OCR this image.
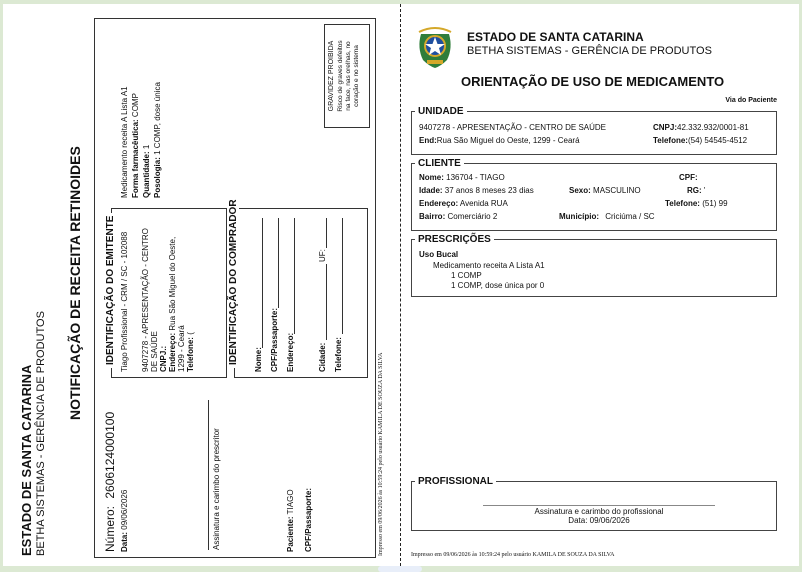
ESTADO DE SANTA CATARINA BETHA SISTEMAS - GERÊNCIA DE PRODUTOS
NOTIFICAÇÃO DE RECEITA RETINOIDES
Número: 2606124000100
Data: 09/06/2026	Assinatura e carimbo do prescritor	Paciente: TIAGO CPF/Passaporte:
IDENTIFICAÇÃO DO EMITENTE Tiago Profissional - CRM / SC - 102088 9407278 - APRESENTAÇÃO - CENTRO DE SAÚDE CNPJ.: Endereço: Rua São Miguel do Oeste,
1299 - Ceará Telefone: (
Medicamento receita A Lista A1 Forma farmacêutica: COMP
Quantidade: 1
Posologia: 1 COMP, dose única
GRAVIDEZ PROIBIDA Risco de graves defeitos na face, nas orelhas, no coração e no sistema
IDENTIFICAÇÃO DO COMPRADOR Nome: CPF/Passaporte: Endereço:	Cidade:
UF:
Telefone:	Impresso em 09/06/2026 às 10:59:24 pelo usuário KAMILA DE SOUZA DA SILVA
ESTADO DE SANTA CATARINA
BETHA SISTEMAS - GERÊNCIA DE PRODUTOS
ORIENTAÇÃO DE USO DE MEDICAMENTO
Via do Paciente
UNIDADE
9407278 - APRESENTAÇÃO - CENTRO DE SAÚDE	CNPJ:42.332.932/0001-81
End:Rua São Miguel do Oeste, 1299 - Ceará	Telefone:(54) 54545-4512
CLIENTE
Nome: 136704 - TIAGO	CPF:
Idade: 37 anos 8 meses 23 dias	Sexo: MASCULINO	RG: '
Endereço: Avenida RUA	Telefone: (51) 99
Bairro: Comerciário 2	Município: Criciúma / SC
PRESCRIÇÕES
Uso Bucal
Medicamento receita A Lista A1
1 COMP
1 COMP, dose única por 0
PROFISSIONAL
Assinatura e carimbo do profissional
Data: 09/06/2026
Impresso em 09/06/2026 às 10:59:24 pelo usuário KAMILA DE SOUZA DA SILVA
